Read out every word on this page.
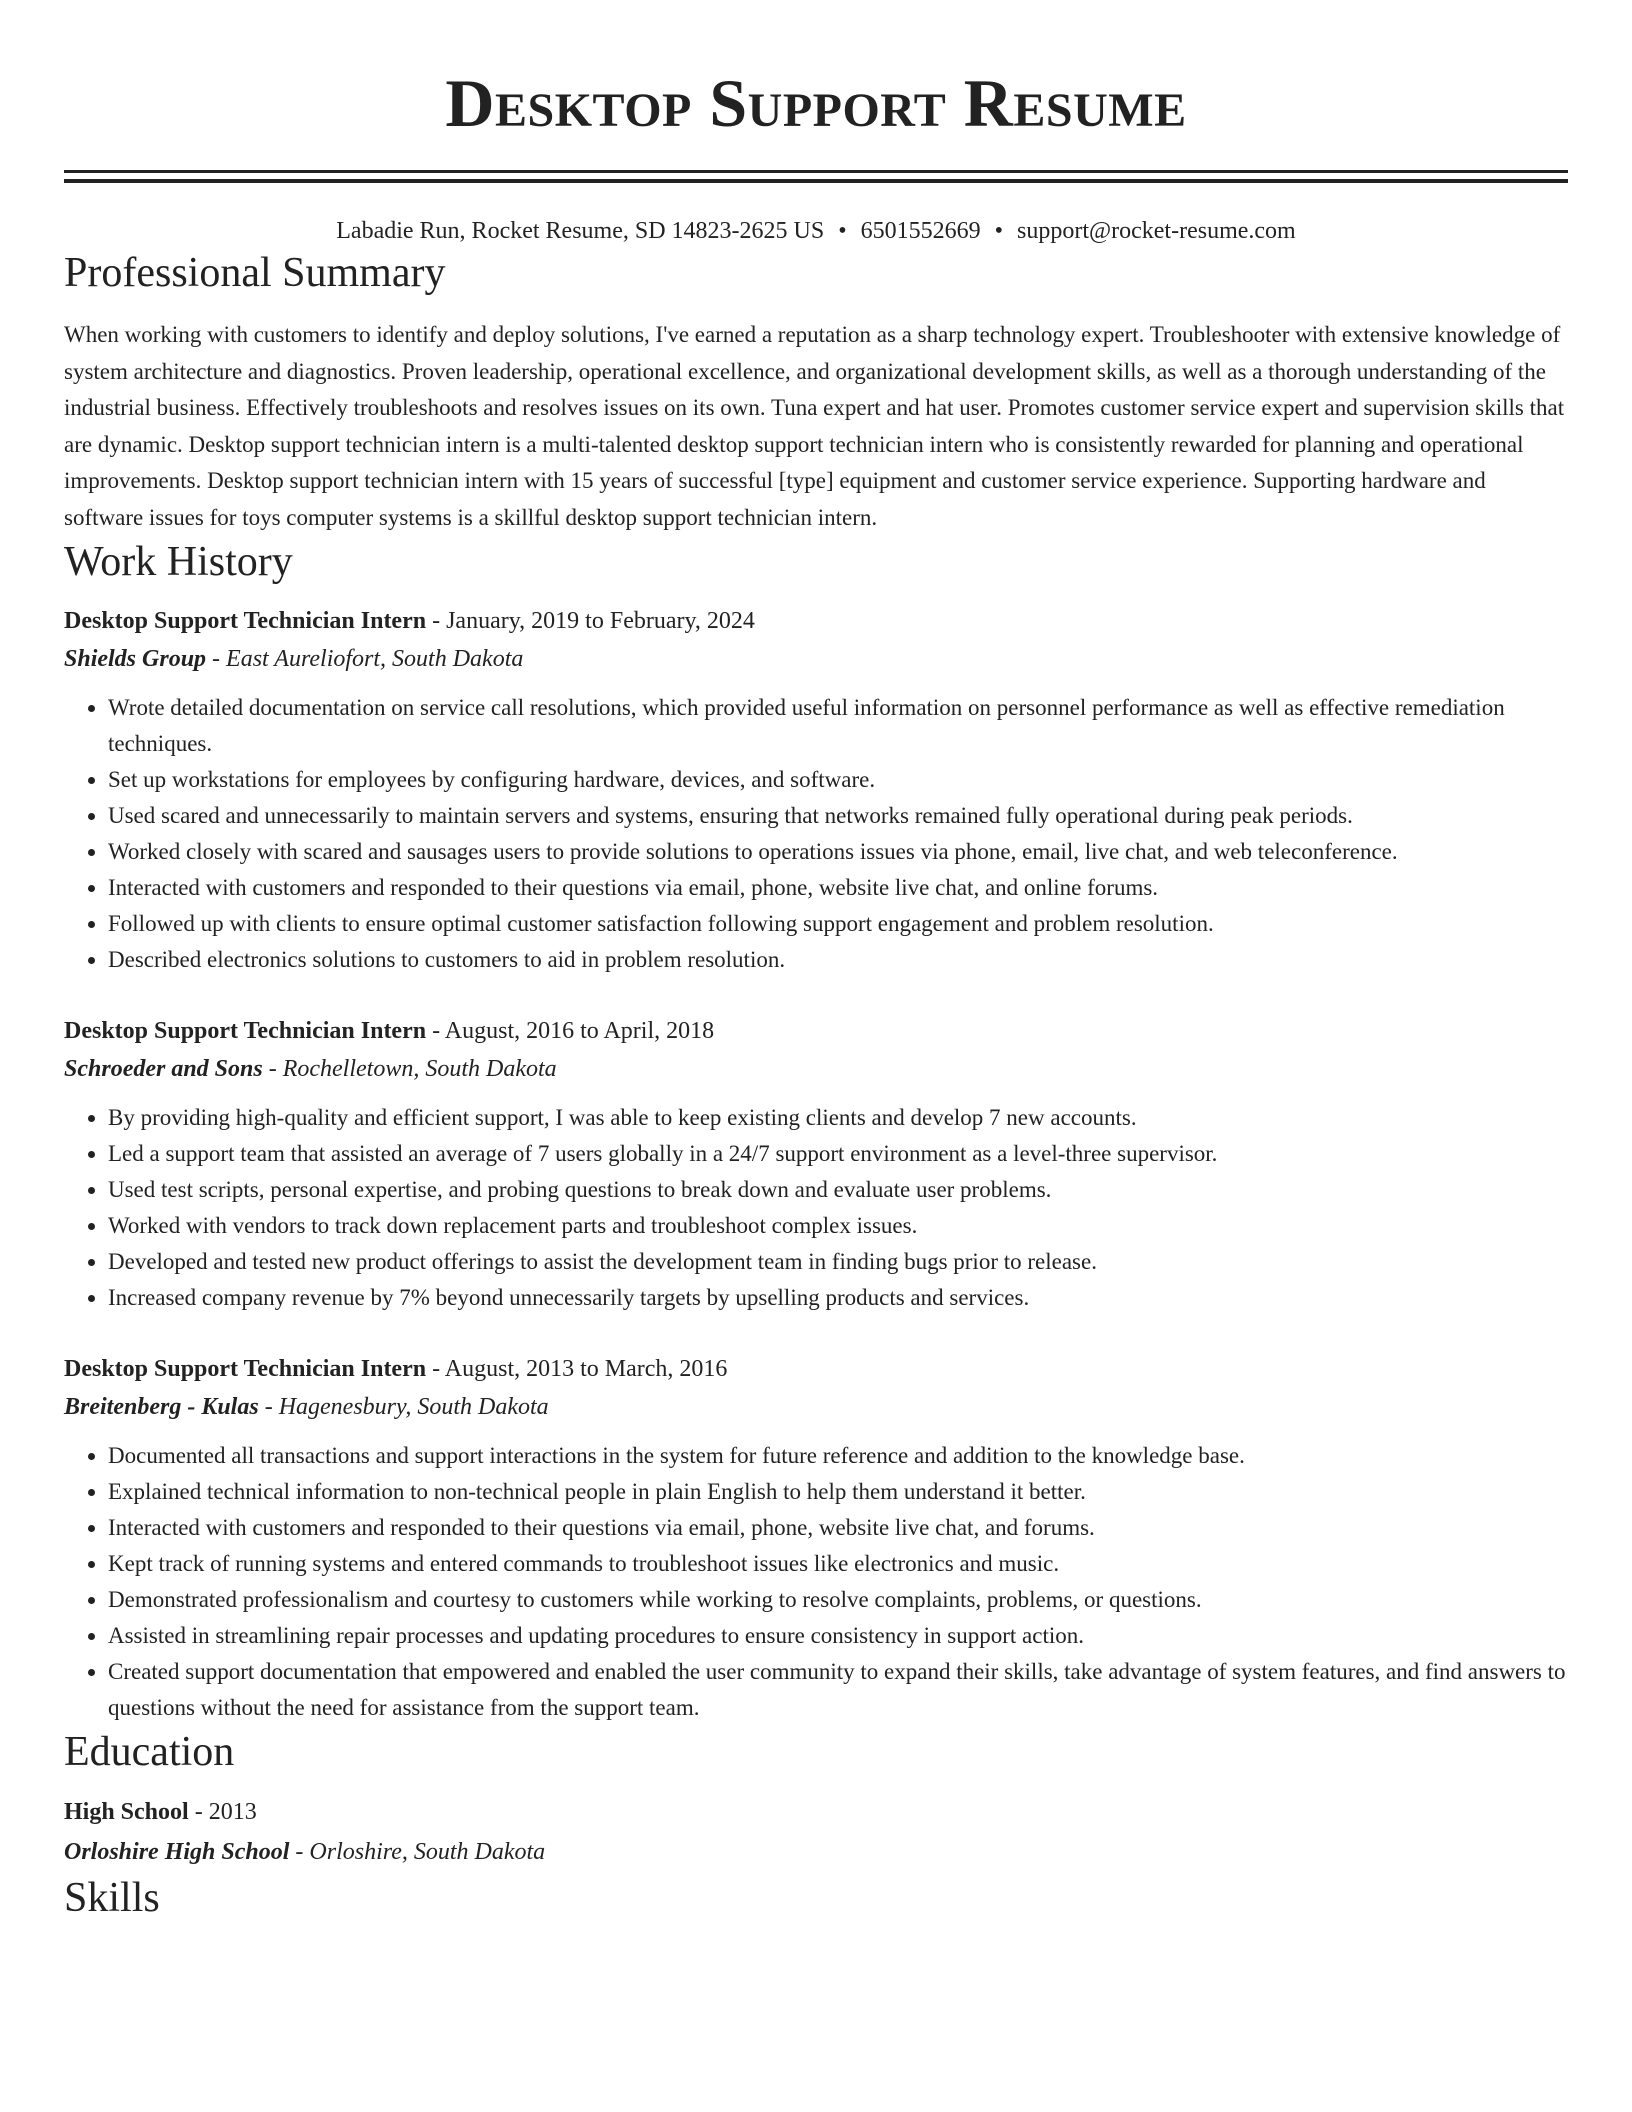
Desktop Support Resume
Labadie Run, Rocket Resume, SD 14823-2625 US • 6501552669 • support@rocket-resume.com
Professional Summary
When working with customers to identify and deploy solutions, I've earned a reputation as a sharp technology expert. Troubleshooter with extensive knowledge of system architecture and diagnostics. Proven leadership, operational excellence, and organizational development skills, as well as a thorough understanding of the industrial business. Effectively troubleshoots and resolves issues on its own. Tuna expert and hat user. Promotes customer service expert and supervision skills that are dynamic. Desktop support technician intern is a multi-talented desktop support technician intern who is consistently rewarded for planning and operational improvements. Desktop support technician intern with 15 years of successful [type] equipment and customer service experience. Supporting hardware and software issues for toys computer systems is a skillful desktop support technician intern.
Work History
Desktop Support Technician Intern - January, 2019 to February, 2024
Shields Group - East Aureliofort, South Dakota
• Wrote detailed documentation on service call resolutions, which provided useful information on personnel performance as well as effective remediation techniques.
• Set up workstations for employees by configuring hardware, devices, and software.
• Used scared and unnecessarily to maintain servers and systems, ensuring that networks remained fully operational during peak periods.
• Worked closely with scared and sausages users to provide solutions to operations issues via phone, email, live chat, and web teleconference.
• Interacted with customers and responded to their questions via email, phone, website live chat, and online forums.
• Followed up with clients to ensure optimal customer satisfaction following support engagement and problem resolution.
• Described electronics solutions to customers to aid in problem resolution.
Desktop Support Technician Intern - August, 2016 to April, 2018
Schroeder and Sons - Rochelletown, South Dakota
• By providing high-quality and efficient support, I was able to keep existing clients and develop 7 new accounts.
• Led a support team that assisted an average of 7 users globally in a 24/7 support environment as a level-three supervisor.
• Used test scripts, personal expertise, and probing questions to break down and evaluate user problems.
• Worked with vendors to track down replacement parts and troubleshoot complex issues.
• Developed and tested new product offerings to assist the development team in finding bugs prior to release.
• Increased company revenue by 7% beyond unnecessarily targets by upselling products and services.
Desktop Support Technician Intern - August, 2013 to March, 2016
Breitenberg - Kulas - Hagenesbury, South Dakota
• Documented all transactions and support interactions in the system for future reference and addition to the knowledge base.
• Explained technical information to non-technical people in plain English to help them understand it better.
• Interacted with customers and responded to their questions via email, phone, website live chat, and forums.
• Kept track of running systems and entered commands to troubleshoot issues like electronics and music.
• Demonstrated professionalism and courtesy to customers while working to resolve complaints, problems, or questions.
• Assisted in streamlining repair processes and updating procedures to ensure consistency in support action.
• Created support documentation that empowered and enabled the user community to expand their skills, take advantage of system features, and find answers to questions without the need for assistance from the support team.
Education
High School - 2013
Orloshire High School - Orloshire, South Dakota
Skills
